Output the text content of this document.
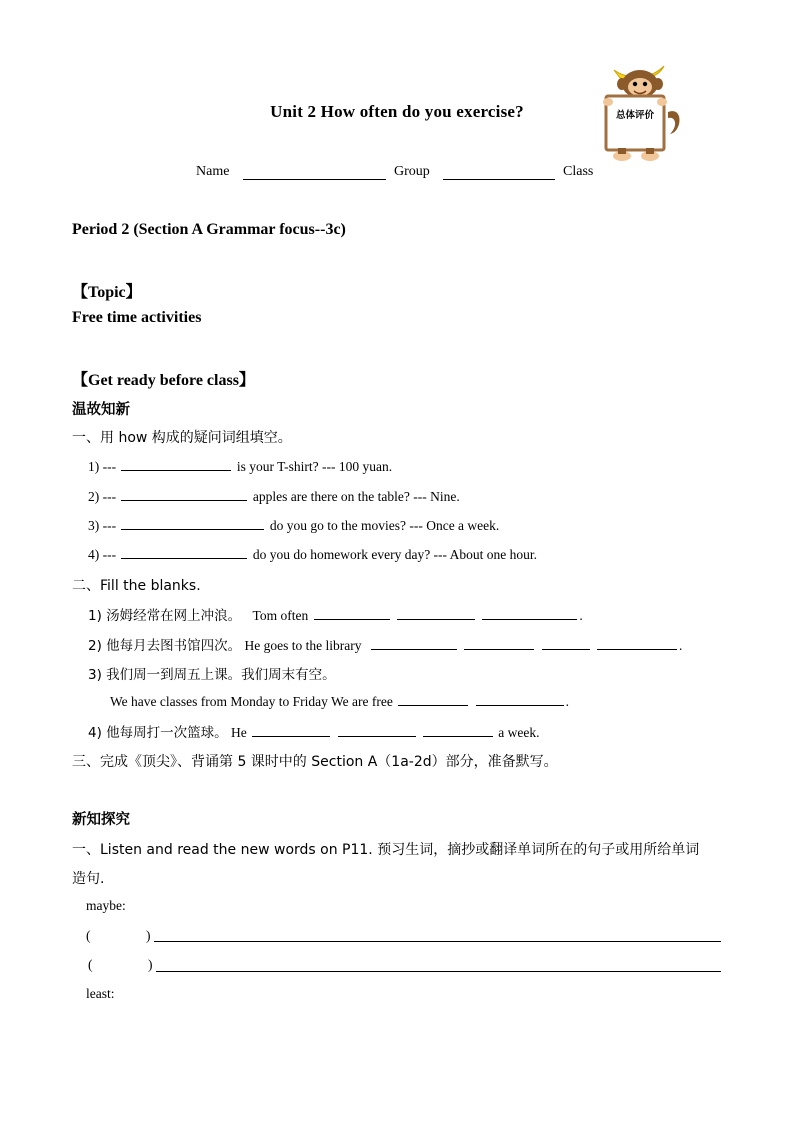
Unit 2 How often do you exercise?	总体评价
Name	Group	Class
Period 2 (Section A Grammar focus--3c)
【Topic】
Free time activities
【Get ready before class】
温故知新
一、用 how 构成的疑问词组填空。
1) ---	is your T-shirt? --- 100 yuan.
2) ---	apples are there on the table? --- Nine.
3) ---	do you go to the movies? --- Once a week.
4) ---	do you do homework every day? --- About one hour.
二、Fill the blanks.
1) 汤姆经常在网上冲浪。 Tom often	.
2) 他每月去图书馆四次。 He goes to the library	.
3) 我们周一到周五上课。我们周末有空。
We have classes from Monday to Friday We are free	.
4) 他每周打一次篮球。 He	a week.
三、完成《顶尖》、背诵第 5 课时中的 Section A（1a-2d）部分，准备默写。
新知探究
一、Listen and read the new words on P11. 预习生词，摘抄或翻译单词所在的句子或用所给单词
造句.
maybe:
(	)
(	)
least:
